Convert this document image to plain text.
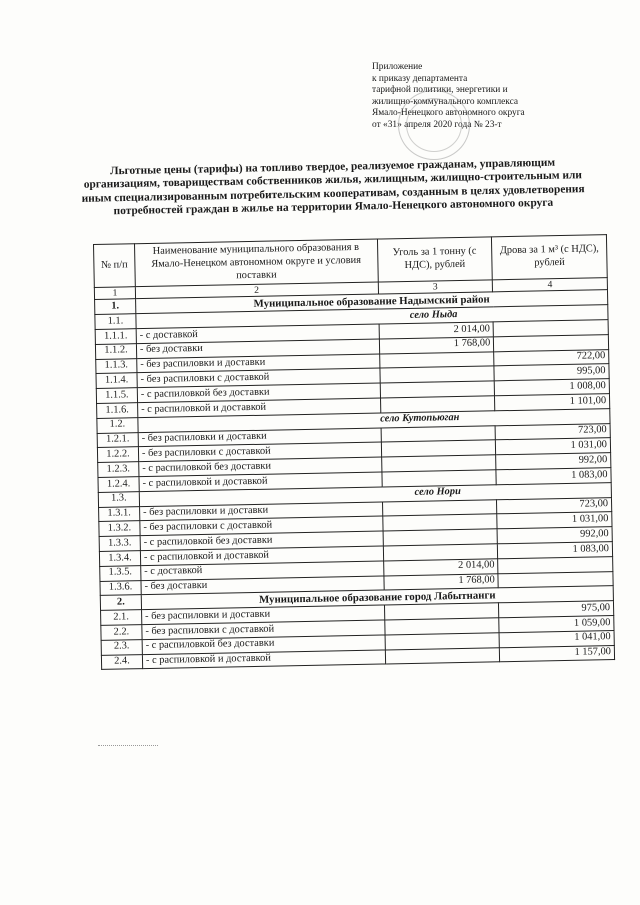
Приложение
к приказу департамента
тарифной политики, энергетики и
жилищно-коммунального комплекса
Ямало-Ненецкого автономного округа
от «31» апреля 2020 года № 23-т
Льготные цены (тарифы) на топливо твердое, реализуемое гражданам, управляющим организациям, товариществам собственников жилья, жилищным, жилищно-строительным или иным специализированным потребительским кооперативам, созданным в целях удовлетворения потребностей граждан в жилье на территории Ямало-Ненецкого автономного округа
№ п/п	Наименование муниципального образования в Ямало-Ненецком автономном округе и условия поставки	Уголь за 1 тонну (с НДС), рублей	Дрова за 1 м³ (с НДС), рублей
1	2	3	4
1.	Муниципальное образование Надымский район		
1.1.	село Ныда		
1.1.1.	- с доставкой	2 014,00	
1.1.2.	- без доставки	1 768,00	
1.1.3.	- без распиловки и доставки		722,00
1.1.4.	- без распиловки с доставкой		995,00
1.1.5.	- с распиловкой без доставки		1 008,00
1.1.6.	- с распиловкой и доставкой		1 101,00
1.2.	село Кутопьюган		
1.2.1.	- без распиловки и доставки		723,00
1.2.2.	- без распиловки с доставкой		1 031,00
1.2.3.	- с распиловкой без доставки		992,00
1.2.4.	- с распиловкой и доставкой		1 083,00
1.3.	село Нори		
1.3.1.	- без распиловки и доставки		723,00
1.3.2.	- без распиловки с доставкой		1 031,00
1.3.3.	- с распиловкой без доставки		992,00
1.3.4.	- с распиловкой и доставкой		1 083,00
1.3.5.	- с доставкой	2 014,00	
1.3.6.	- без доставки	1 768,00	
2.	Муниципальное образование город Лабытнанги		
2.1.	- без распиловки и доставки		975,00
2.2.	- без распиловки с доставкой		1 059,00
2.3.	- с распиловкой без доставки		1 041,00
2.4.	- с распиловкой и доставкой		1 157,00
